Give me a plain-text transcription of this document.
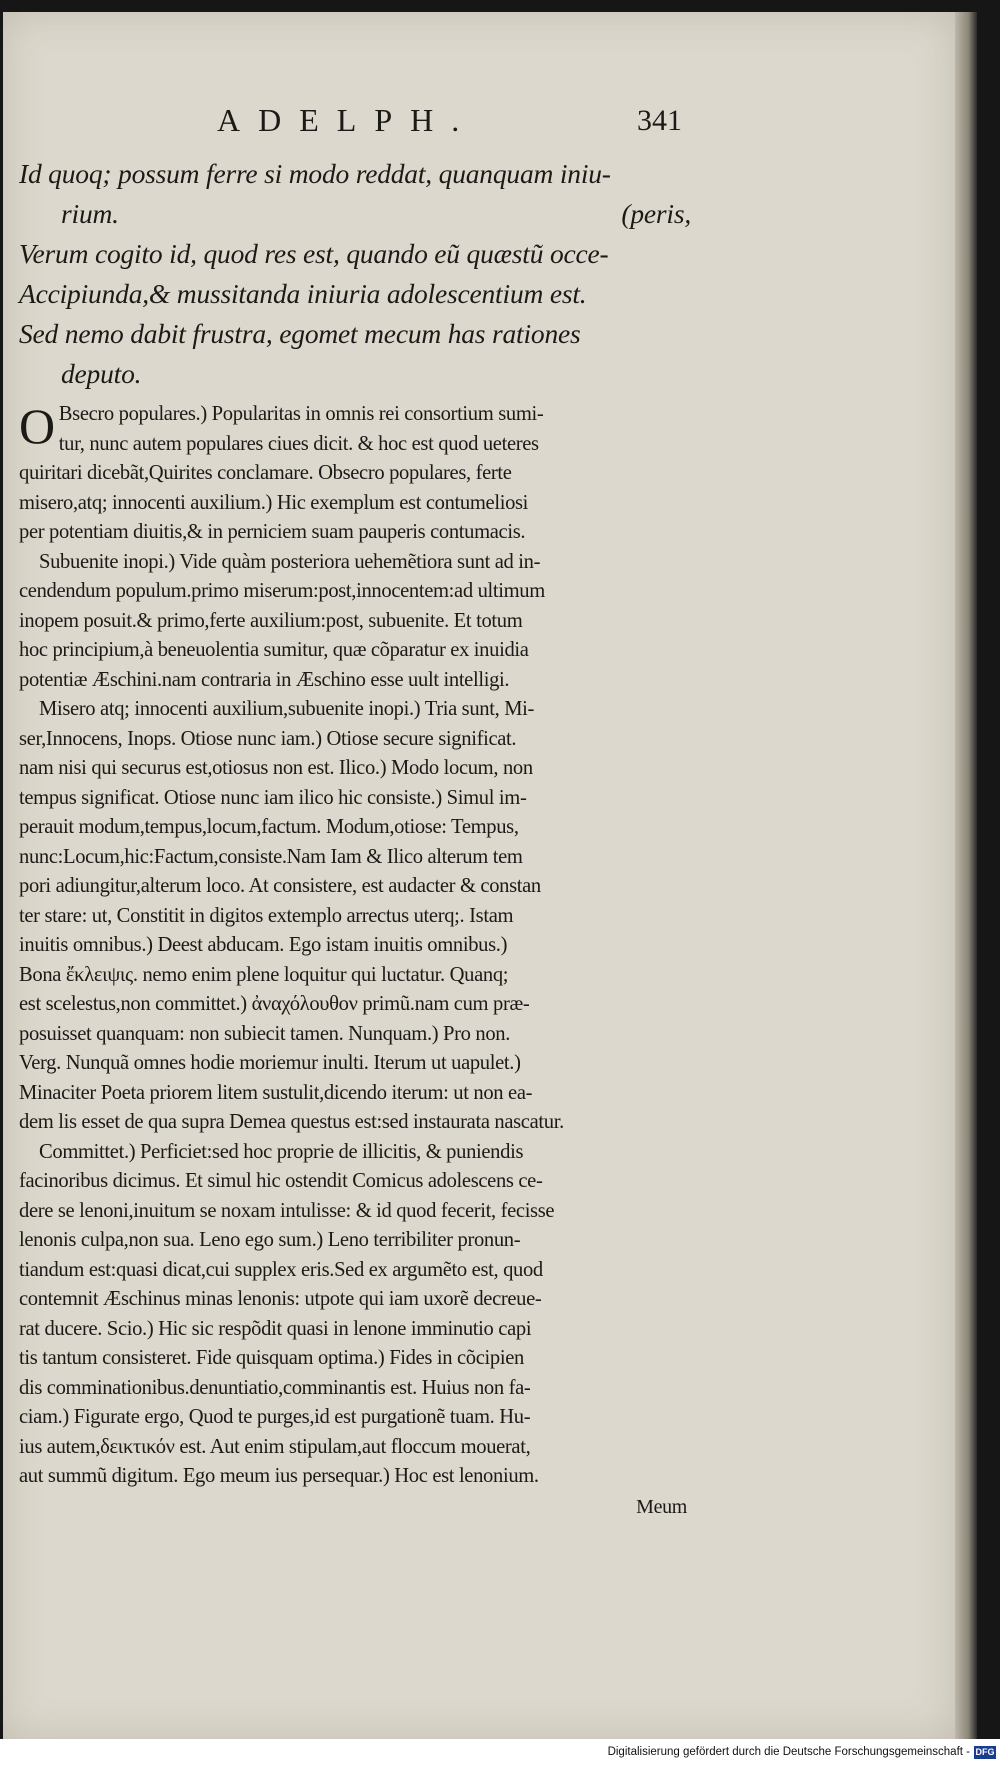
ADELPH.	341

Id quoq; possum ferre si modo reddat, quanquam iniu-

rium.	(peris,

Verum cogito id, quod res est, quando eũ quæstũ occe-

Accipiunda,& mussitanda iniuria adolescentium est.

Sed nemo dabit frustra, egomet mecum has rationes

deputo.

O Bsecro populares.) Popularitas in omnis rei consortium sumi-

tur, nunc autem populares ciues dicit. & hoc est quod ueteres

quiritari dicebãt,Quirites conclamare. Obsecro populares, ferte

misero,atq; innocenti auxilium.) Hic exemplum est contumeliosi

per potentiam diuitis,& in perniciem suam pauperis contumacis.

Subuenite inopi.) Vide quàm posteriora uehemẽtiora sunt ad in-

cendendum populum.primo miserum:post,innocentem:ad ultimum

inopem posuit.& primo,ferte auxilium:post, subuenite. Et totum

hoc principium,à beneuolentia sumitur, quæ cõparatur ex inuidia

potentiæ Æschini.nam contraria in Æschino esse uult intelligi.

Misero atq; innocenti auxilium,subuenite inopi.) Tria sunt, Mi-

ser,Innocens, Inops. Otiose nunc iam.) Otiose secure significat.

nam nisi qui securus est,otiosus non est. Ilico.) Modo locum, non

tempus significat. Otiose nunc iam ilico hic consiste.) Simul im-

perauit modum,tempus,locum,factum. Modum,otiose: Tempus,

nunc:Locum,hic:Factum,consiste.Nam Iam & Ilico alterum tem

pori adiungitur,alterum loco. At consistere, est audacter & constan

ter stare: ut, Constitit in digitos extemplo arrectus uterq;. Istam

inuitis omnibus.) Deest abducam. Ego istam inuitis omnibus.)

Bona ἔκλειψις. nemo enim plene loquitur qui luctatur. Quanq;

est scelestus,non committet.) ἀναχόλουθον primũ.nam cum præ-

posuisset quanquam: non subiecit tamen. Nunquam.) Pro non.

Verg. Nunquã omnes hodie moriemur inulti. Iterum ut uapulet.)

Minaciter Poeta priorem litem sustulit,dicendo iterum: ut non ea-

dem lis esset de qua supra Demea questus est:sed instaurata nascatur.

Committet.) Perficiet:sed hoc proprie de illicitis, & puniendis

facinoribus dicimus. Et simul hic ostendit Comicus adolescens ce-

dere se lenoni,inuitum se noxam intulisse: & id quod fecerit, fecisse

lenonis culpa,non sua. Leno ego sum.) Leno terribiliter pronun-

tiandum est:quasi dicat,cui supplex eris.Sed ex argumẽto est, quod

contemnit Æschinus minas lenonis: utpote qui iam uxorẽ decreue-

rat ducere. Scio.) Hic sic respõdit quasi in lenone imminutio capi

tis tantum consisteret. Fide quisquam optima.) Fides in cõcipien

dis comminationibus.denuntiatio,comminantis est. Huius non fa-

ciam.) Figurate ergo, Quod te purges,id est purgationẽ tuam. Hu-

ius autem,δεικτικόν est. Aut enim stipulam,aut floccum mouerat,

aut summũ digitum. Ego meum ius persequar.) Hoc est lenonium.

Meum
Digitalisierung gefördert durch die Deutsche Forschungsgemeinschaft - DFG
